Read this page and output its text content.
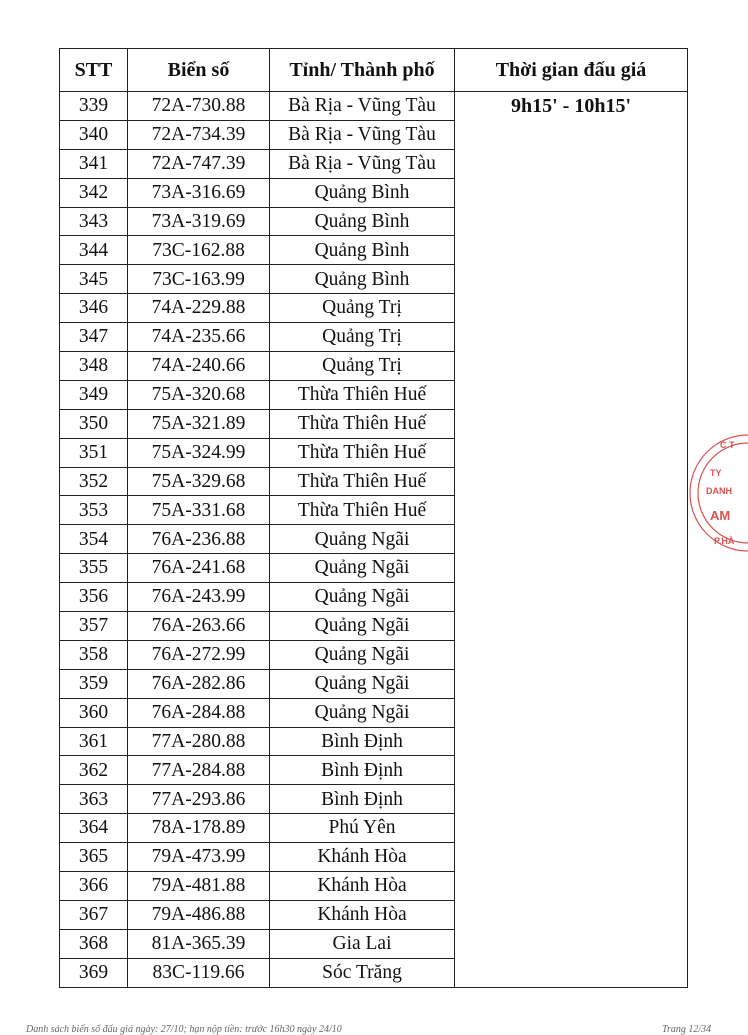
STT	Biển số	Tỉnh/ Thành phố	Thời gian đấu giá
339	72A-730.88	Bà Rịa - Vũng Tàu	9h15' - 10h15'
340	72A-734.39	Bà Rịa - Vũng Tàu	
341	72A-747.39	Bà Rịa - Vũng Tàu	
342	73A-316.69	Quảng Bình	
343	73A-319.69	Quảng Bình	
344	73C-162.88	Quảng Bình	
345	73C-163.99	Quảng Bình	
346	74A-229.88	Quảng Trị	
347	74A-235.66	Quảng Trị	
348	74A-240.66	Quảng Trị	
349	75A-320.68	Thừa Thiên Huế	
350	75A-321.89	Thừa Thiên Huế	
351	75A-324.99	Thừa Thiên Huế	
352	75A-329.68	Thừa Thiên Huế	
353	75A-331.68	Thừa Thiên Huế	
354	76A-236.88	Quảng Ngãi	
355	76A-241.68	Quảng Ngãi	
356	76A-243.99	Quảng Ngãi	
357	76A-263.66	Quảng Ngãi	
358	76A-272.99	Quảng Ngãi	
359	76A-282.86	Quảng Ngãi	
360	76A-284.88	Quảng Ngãi	
361	77A-280.88	Bình Định	
362	77A-284.88	Bình Định	
363	77A-293.86	Bình Định	
364	78A-178.89	Phú Yên	
365	79A-473.99	Khánh Hòa	
366	79A-481.88	Khánh Hòa	
367	79A-486.88	Khánh Hòa	
368	81A-365.39	Gia Lai	
369	83C-119.66	Sóc Trăng	
Danh sách biển số đấu giá ngày: 27/10; hạn nộp tiền: trước 16h30 ngày 24/10	Trang 12/34
C.T
TY
DANH
AM
P.HÀ
